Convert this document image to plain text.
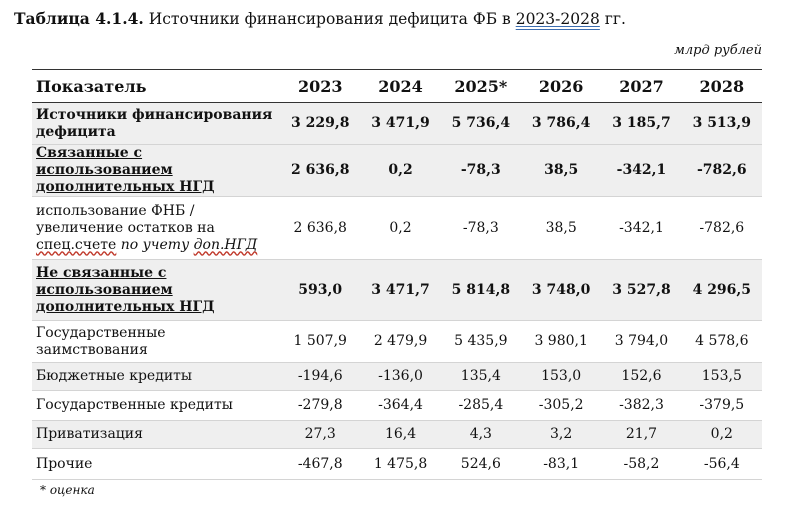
Таблица 4.1.4. Источники финансирования дефицита ФБ в 2023-2028 гг.
млрд рублей
Показатель	2023	2024	2025*	2026	2027	2028
Источники финансирования дефицита	3 229,8	3 471,9	5 736,4	3 786,4	3 185,7	3 513,9
Связанные с использованием дополнительных НГД	2 636,8	0,2	-78,3	38,5	-342,1	-782,6
использование ФНБ / увеличение остатков на спец.счете по учету доп.НГД	2 636,8	0,2	-78,3	38,5	-342,1	-782,6
Не связанные с использованием дополнительных НГД	593,0	3 471,7	5 814,8	3 748,0	3 527,8	4 296,5
Государственные заимствования	1 507,9	2 479,9	5 435,9	3 980,1	3 794,0	4 578,6
Бюджетные кредиты	-194,6	-136,0	135,4	153,0	152,6	153,5
Государственные кредиты	-279,8	-364,4	-285,4	-305,2	-382,3	-379,5
Приватизация	27,3	16,4	4,3	3,2	21,7	0,2
Прочие	-467,8	1 475,8	524,6	-83,1	-58,2	-56,4
* оценка
